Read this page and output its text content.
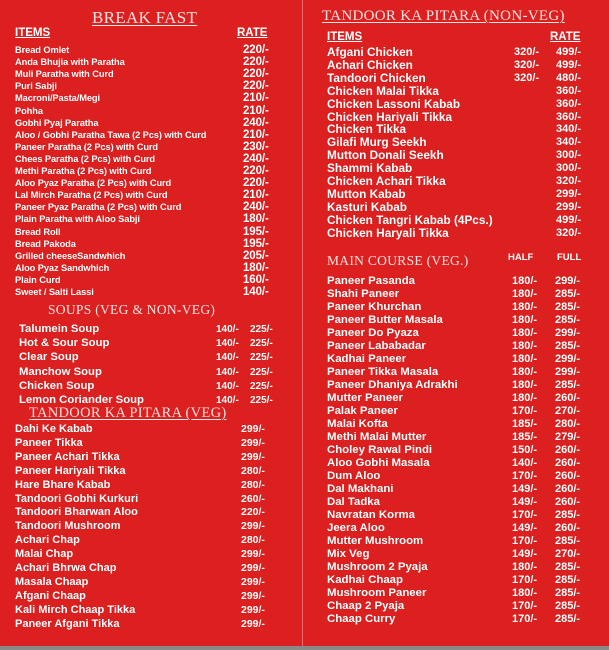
BREAK FAST
ITEMS	RATE
Bread Omlet	220/-
Anda Bhujia with Paratha	220/-
Muli Paratha with Curd	220/-
Puri Sabji	220/-
Macroni/Pasta/Megi	210/-
Pohha	210/-
Gobhi Pyaj Paratha	240/-
Aloo / Gobhi Paratha Tawa (2 Pcs) with Curd	210/-
Paneer Paratha (2 Pcs) with Curd	230/-
Chees Paratha (2 Pcs) with Curd	240/-
Methi Paratha (2 Pcs) with Curd	220/-
Aloo Pyaz Paratha (2 Pcs) with Curd	220/-
Lal Mirch Paratha (2 Pcs) with Curd	210/-
Paneer Pyaz Paratha (2 Pcs) with Curd	240/-
Plain Paratha with Aloo Sabji	180/-
Bread Roll	195/-
Bread Pakoda	195/-
Grilled cheeseSandwhich	205/-
Aloo Pyaz Sandwhich	180/-
Plain Curd	160/-
Sweet / Salti Lassi	140/-
SOUPS (VEG & NON-VEG)
Talumein Soup	140/- 225/-
Hot & Sour Soup	140/- 225/-
Clear Soup	140/- 225/-
Manchow Soup	140/- 225/-
Chicken Soup	140/- 225/-
Lemon Coriander Soup	140/- 225/-
TANDOOR KA PITARA (VEG)
Dahi Ke Kabab	299/-
Paneer Tikka	299/-
Paneer Achari Tikka	299/-
Paneer Hariyali Tikka	280/-
Hare Bhare Kabab	280/-
Tandoori Gobhi Kurkuri	260/-
Tandoori Bharwan Aloo	220/-
Tandoori Mushroom	299/-
Achari Chap	280/-
Malai Chap	299/-
Achari Bhrwa Chap	299/-
Masala Chaap	299/-
Afgani Chaap	299/-
Kali Mirch Chaap Tikka	299/-
Paneer Afgani Tikka	299/-
TANDOOR KA PITARA (NON-VEG)
ITEMS	RATE
Afgani Chicken	320/- 499/-
Achari Chicken	320/- 499/-
Tandoori Chicken	320/- 480/-
Chicken Malai Tikka	360/-
Chicken Lassoni Kabab	360/-
Chicken Hariyali Tikka	360/-
Chicken Tikka	340/-
Gilafi Murg Seekh	340/-
Mutton Donali Seekh	300/-
Shammi Kabab	300/-
Chicken Achari Tikka	320/-
Mutton Kabab	299/-
Kasturi Kabab	299/-
Chicken Tangri Kabab (4Pcs.)	499/-
Chicken Haryali Tikka	320/-
MAIN COURSE (VEG.)	HALF FULL
Paneer Pasanda	180/- 299/-
Shahi Paneer	180/- 285/-
Paneer Khurchan	180/- 285/-
Paneer Butter Masala	180/- 285/-
Paneer Do Pyaza	180/- 299/-
Paneer Lababadar	180/- 285/-
Kadhai Paneer	180/- 299/-
Paneer Tikka Masala	180/- 299/-
Paneer Dhaniya Adrakhi	180/- 285/-
Mutter Paneer	180/- 260/-
Palak Paneer	170/- 270/-
Malai Kofta	185/- 280/-
Methi Malai Mutter	185/- 279/-
Choley Rawal Pindi	150/- 260/-
Aloo Gobhi Masala	140/- 260/-
Dum Aloo	170/- 260/-
Dal Makhani	149/- 260/-
Dal Tadka	149/- 260/-
Navratan Korma	170/- 285/-
Jeera Aloo	149/- 260/-
Mutter Mushroom	170/- 285/-
Mix Veg	149/- 270/-
Mushroom 2 Pyaja	180/- 285/-
Kadhai Chaap	170/- 285/-
Mushroom Paneer	180/- 285/-
Chaap 2 Pyaja	170/- 285/-
Chaap Curry	170/- 285/-
